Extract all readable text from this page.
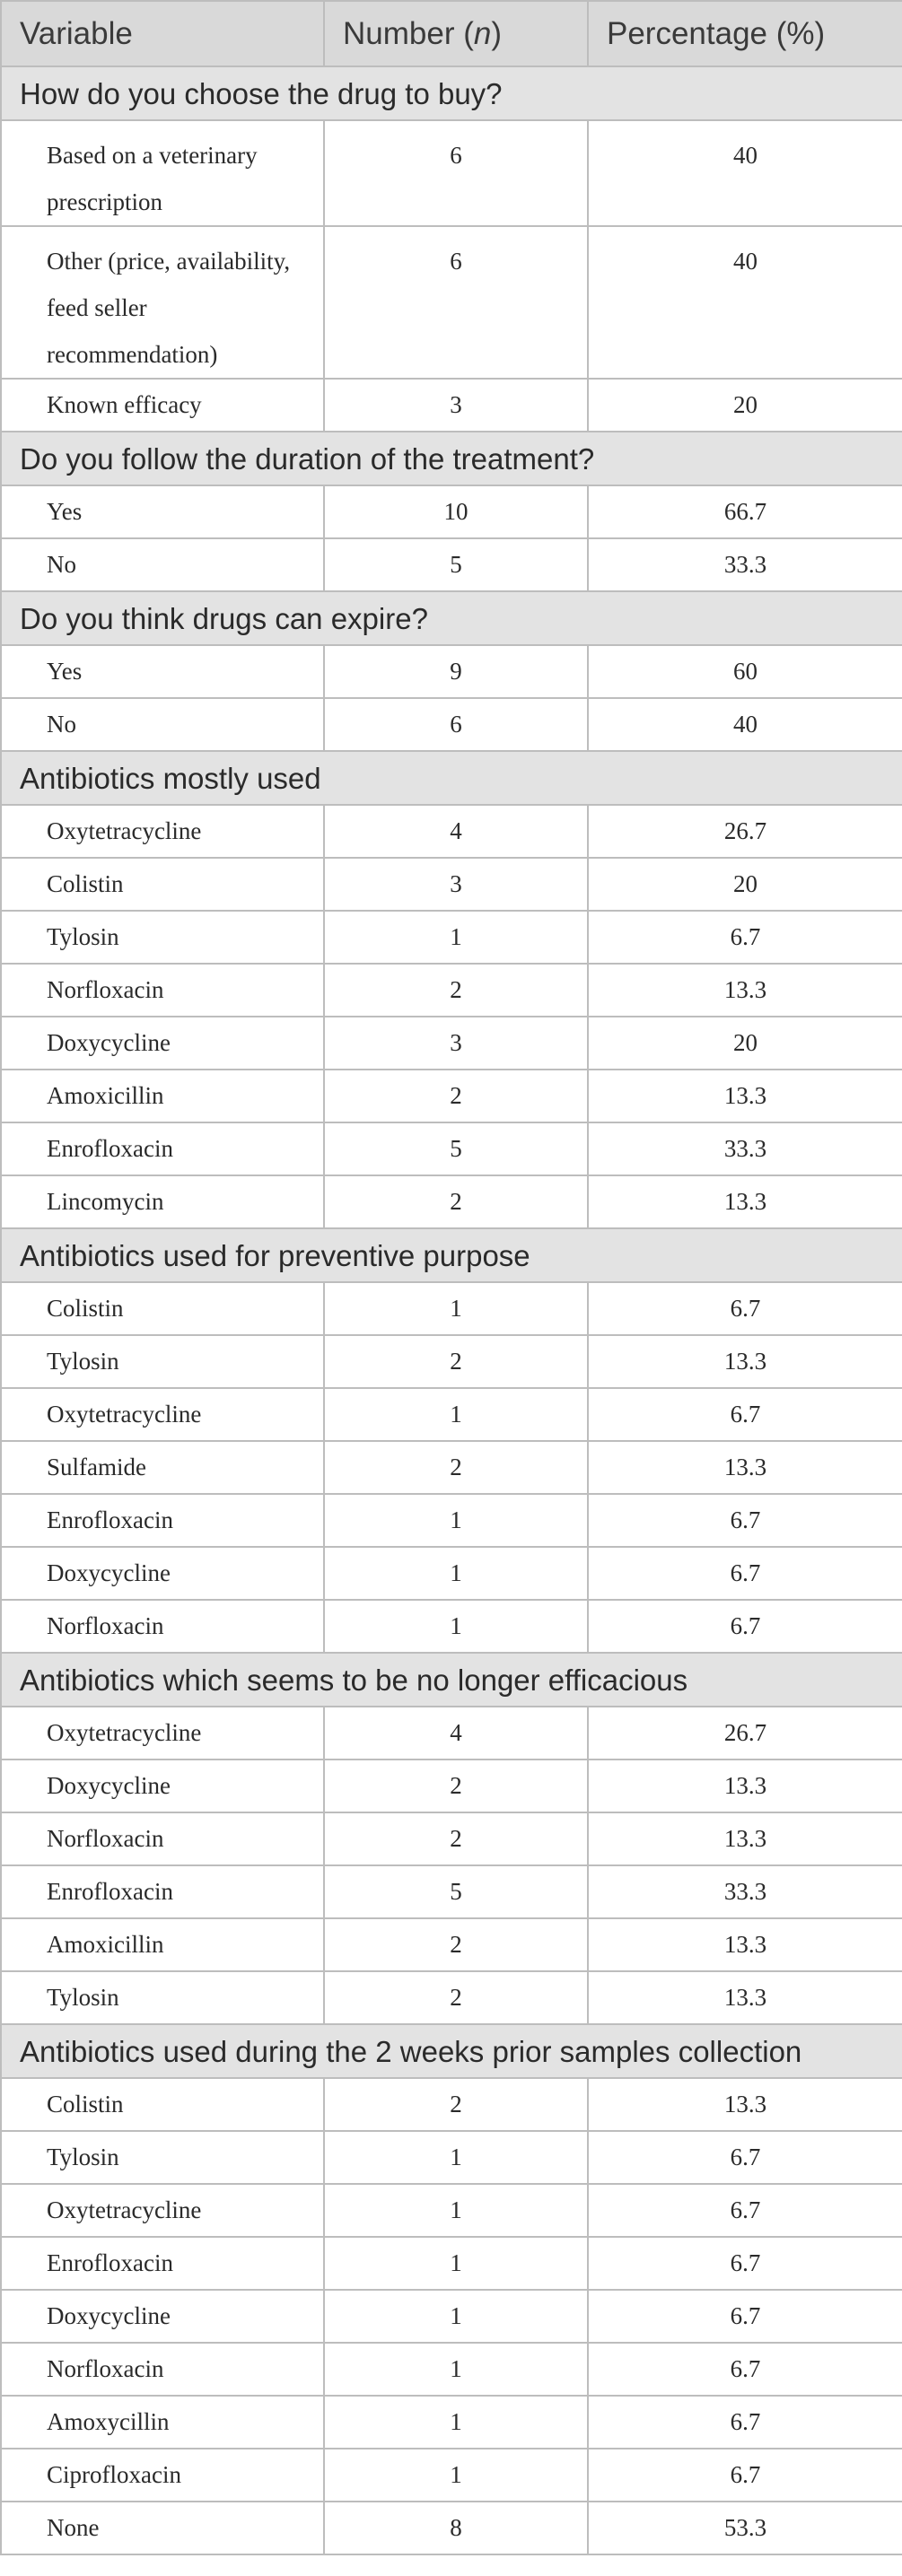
Variable	Number (n)	Percentage (%)
How do you choose the drug to buy?		
Based on a veterinary prescription	6	40
Other (price, availability, feed seller recommendation)	6	40
Known efficacy	3	20
Do you follow the duration of the treatment?		
Yes	10	66.7
No	5	33.3
Do you think drugs can expire?		
Yes	9	60
No	6	40
Antibiotics mostly used		
Oxytetracycline	4	26.7
Colistin	3	20
Tylosin	1	6.7
Norfloxacin	2	13.3
Doxycycline	3	20
Amoxicillin	2	13.3
Enrofloxacin	5	33.3
Lincomycin	2	13.3
Antibiotics used for preventive purpose		
Colistin	1	6.7
Tylosin	2	13.3
Oxytetracycline	1	6.7
Sulfamide	2	13.3
Enrofloxacin	1	6.7
Doxycycline	1	6.7
Norfloxacin	1	6.7
Antibiotics which seems to be no longer efficacious		
Oxytetracycline	4	26.7
Doxycycline	2	13.3
Norfloxacin	2	13.3
Enrofloxacin	5	33.3
Amoxicillin	2	13.3
Tylosin	2	13.3
Antibiotics used during the 2 weeks prior samples collection		
Colistin	2	13.3
Tylosin	1	6.7
Oxytetracycline	1	6.7
Enrofloxacin	1	6.7
Doxycycline	1	6.7
Norfloxacin	1	6.7
Amoxycillin	1	6.7
Ciprofloxacin	1	6.7
None	8	53.3
